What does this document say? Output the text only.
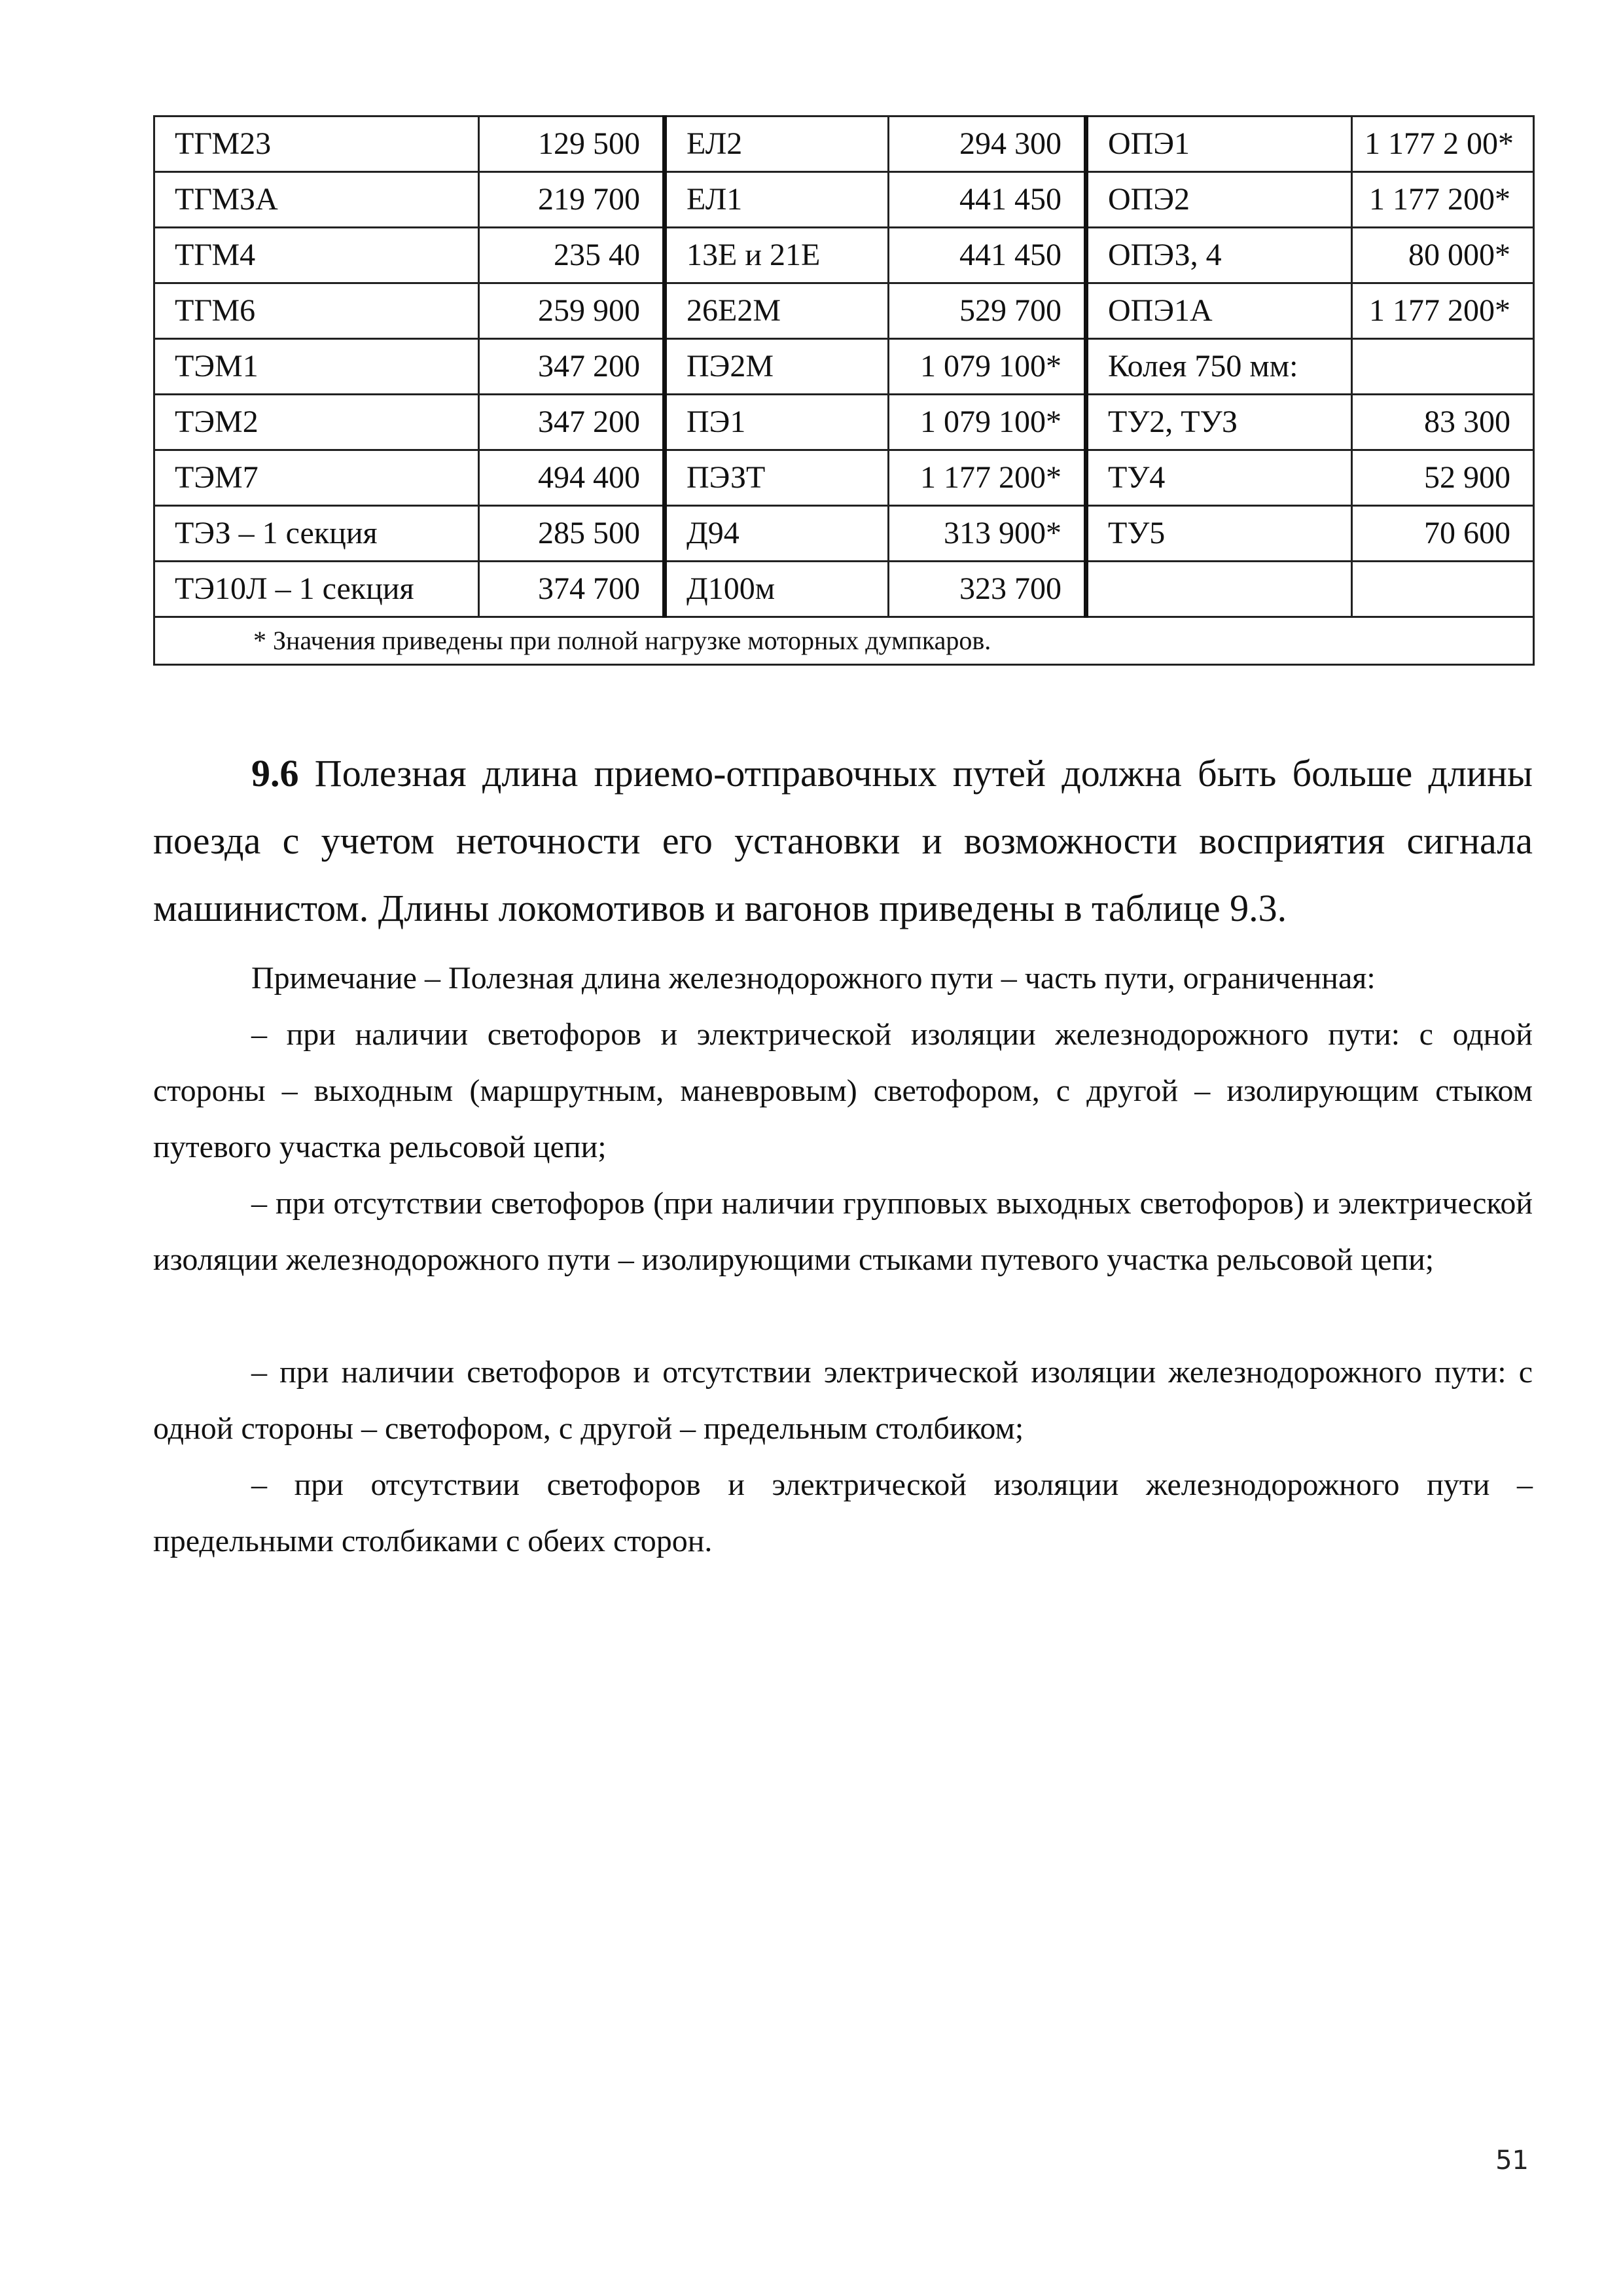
ТГМ23	129 500	ЕЛ2	294 300	ОПЭ1	1 177 2 00*
ТГМЗА	219 700	ЕЛ1	441 450	ОПЭ2	1 177 200*
ТГМ4	235 40	13Е и 21Е	441 450	ОПЭЗ, 4	80 000*
ТГМ6	259 900	26Е2М	529 700	ОПЭ1А	1 177 200*
ТЭМ1	347 200	ПЭ2М	1 079 100*	Колея 750 мм:	
ТЭМ2	347 200	ПЭ1	1 079 100*	ТУ2, ТУЗ	83 300
ТЭМ7	494 400	ПЭЗТ	1 177 200*	ТУ4	52 900
ТЭЗ – 1 секция	285 500	Д94	313 900*	ТУ5	70 600
ТЭ10Л – 1 секция	374 700	Д100м	323 700		
* Значения приведены при полной нагрузке моторных думпкаров.					

9.6 Полезная длина приемо-отправочных путей должна быть больше длины поезда с учетом неточности его установки и возможности восприятия сигнала машинистом. Длины локомотивов и вагонов приведены в таблице 9.3.

Примечание – Полезная длина железнодорожного пути – часть пути, ограниченная:

– при наличии светофоров и электрической изоляции железнодорожного пути: с одной стороны – выходным (маршрутным, маневровым) светофором, с другой – изолирующим стыком путевого участка рельсовой цепи;

– при отсутствии светофоров (при наличии групповых выходных светофоров) и электрической изоляции железнодорожного пути – изолирующими стыками путевого участка рельсовой цепи;

– при наличии светофоров и отсутствии электрической изоляции железнодорожного пути: с одной стороны – светофором, с другой – предельным столбиком;

– при отсутствии светофоров и электрической изоляции железнодорожного пути – предельными столбиками с обеих сторон.

51
